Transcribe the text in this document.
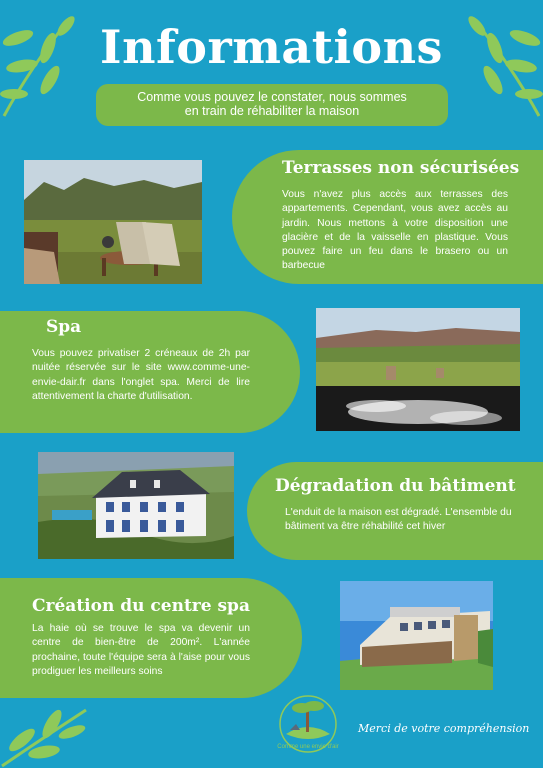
Informations
Comme vous pouvez le constater, nous sommes
en train de réhabiliter la maison
Terrasses non sécurisées

Vous n'avez plus accès aux terrasses des appartements. Cependant, vous avez accès au jardin. Nous mettons à votre disposition une glacière et de la vaisselle en plastique. Vous pouvez faire un feu dans le brasero ou un barbecue

Spa

Vous pouvez privatiser 2 créneaux de 2h par nuitée réservée sur le site www.comme-une-envie-dair.fr dans l'onglet spa. Merci de lire attentivement la charte d'utilisation.

Dégradation du bâtiment

L'enduit de la maison est dégradé. L'ensemble du bâtiment va être réhabilité cet hiver

Création du centre spa

La haie où se trouve le spa va devenir un centre de bien-être de 200m². L'année prochaine, toute l'équipe sera à l'aise pour vous prodiguer les meilleurs soins

Comme une envie d'air
Merci de votre compréhension
